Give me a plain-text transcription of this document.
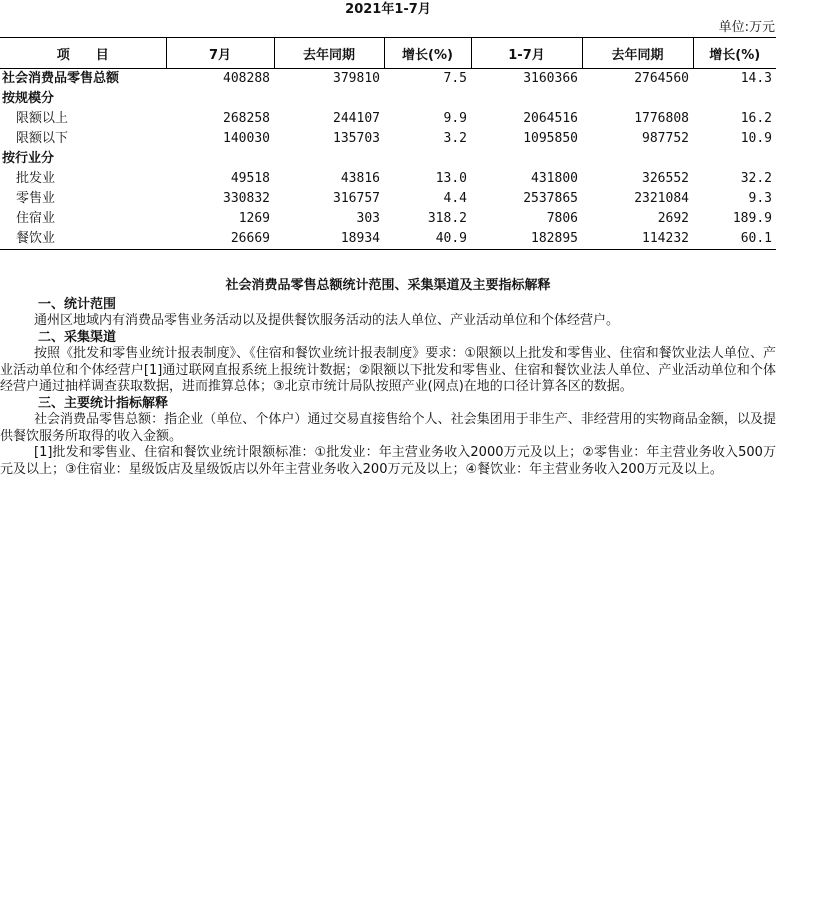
2021年1-7月
单位:万元
项　　目	7月	去年同期	增长(%)	1-7月	去年同期	增长(%)
社会消费品零售总额	408288	379810	7.5	3160366	2764560	14.3
按规模分						
限额以上	268258	244107	9.9	2064516	1776808	16.2
限额以下	140030	135703	3.2	1095850	987752	10.9
按行业分						
批发业	49518	43816	13.0	431800	326552	32.2
零售业	330832	316757	4.4	2537865	2321084	9.3
住宿业	1269	303	318.2	7806	2692	189.9
餐饮业	26669	18934	40.9	182895	114232	60.1
社会消费品零售总额统计范围、采集渠道及主要指标解释
一、统计范围
通州区地域内有消费品零售业务活动以及提供餐饮服务活动的法人单位、产业活动单位和个体经营户。
二、采集渠道
按照《批发和零售业统计报表制度》、《住宿和餐饮业统计报表制度》要求：①限额以上批发和零售业、住宿和餐饮业法人单位、产业活动单位和个体经营户[1]通过联网直报系统上报统计数据；②限额以下批发和零售业、住宿和餐饮业法人单位、产业活动单位和个体经营户通过抽样调查获取数据，进而推算总体；③北京市统计局队按照产业(网点)在地的口径计算各区的数据。
三、主要统计指标解释
社会消费品零售总额：指企业（单位、个体户）通过交易直接售给个人、社会集团用于非生产、非经营用的实物商品金额，以及提供餐饮服务所取得的收入金额。
[1]批发和零售业、住宿和餐饮业统计限额标准：①批发业：年主营业务收入2000万元及以上；②零售业：年主营业务收入500万元及以上；③住宿业：星级饭店及星级饭店以外年主营业务收入200万元及以上；④餐饮业：年主营业务收入200万元及以上。
